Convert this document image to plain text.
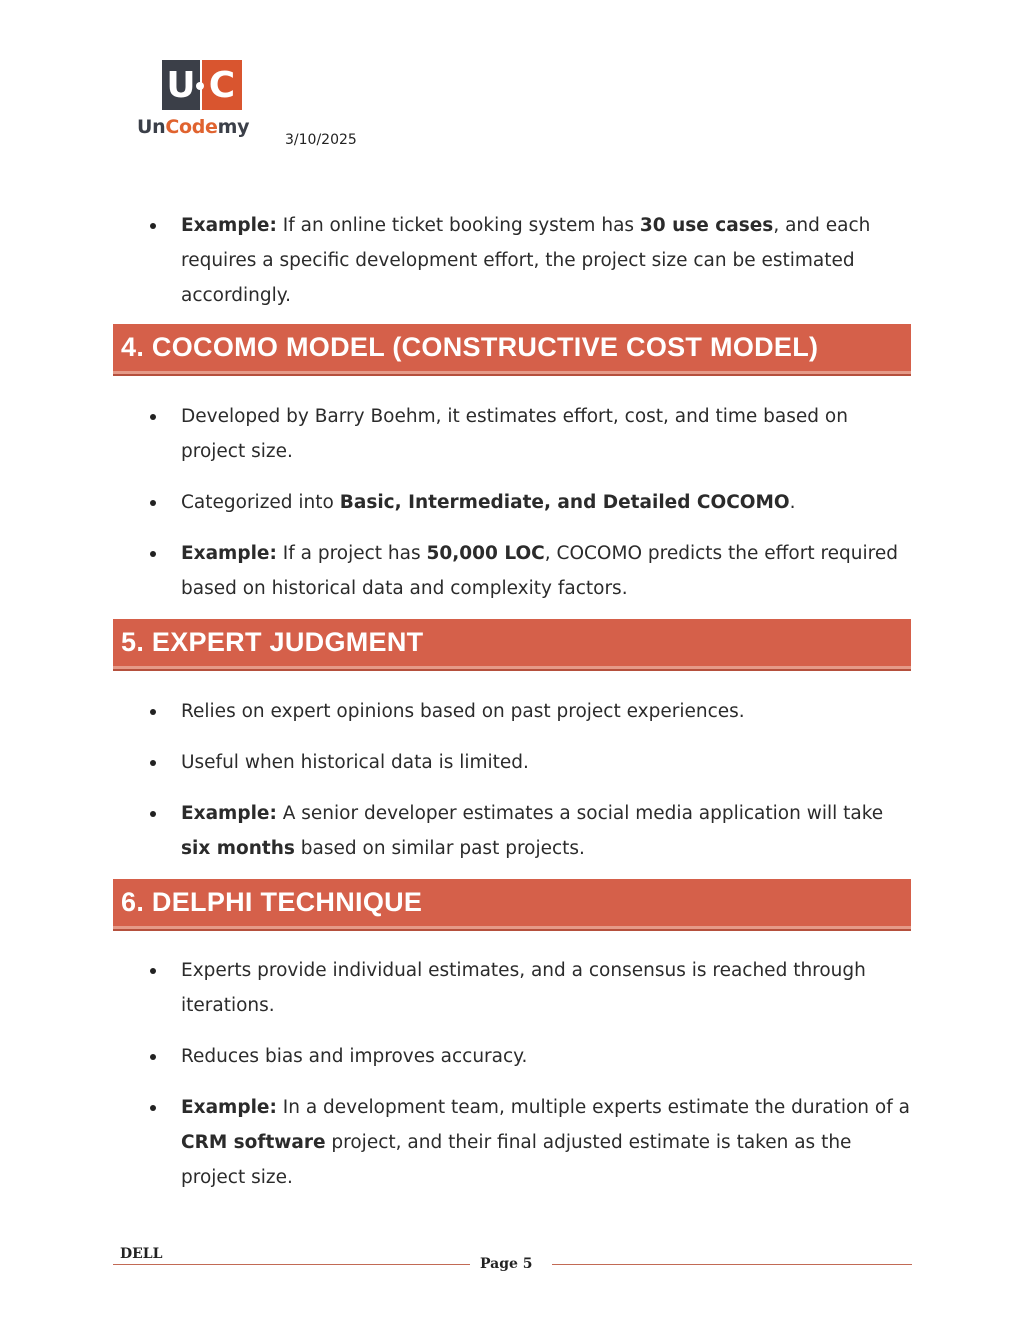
U C
UnCodemy
3/10/2025
Example: If an online ticket booking system has 30 use cases, and each requires a specific development effort, the project size can be estimated accordingly.
4. COCOMO MODEL (CONSTRUCTIVE COST MODEL)
Developed by Barry Boehm, it estimates effort, cost, and time based on project size.
Categorized into Basic, Intermediate, and Detailed COCOMO.
Example: If a project has 50,000 LOC, COCOMO predicts the effort required based on historical data and complexity factors.
5. EXPERT JUDGMENT
Relies on expert opinions based on past project experiences.
Useful when historical data is limited.
Example: A senior developer estimates a social media application will take six months based on similar past projects.
6. DELPHI TECHNIQUE
Experts provide individual estimates, and a consensus is reached through iterations.
Reduces bias and improves accuracy.
Example: In a development team, multiple experts estimate the duration of a CRM software project, and their final adjusted estimate is taken as the project size.
DELL
Page 5
